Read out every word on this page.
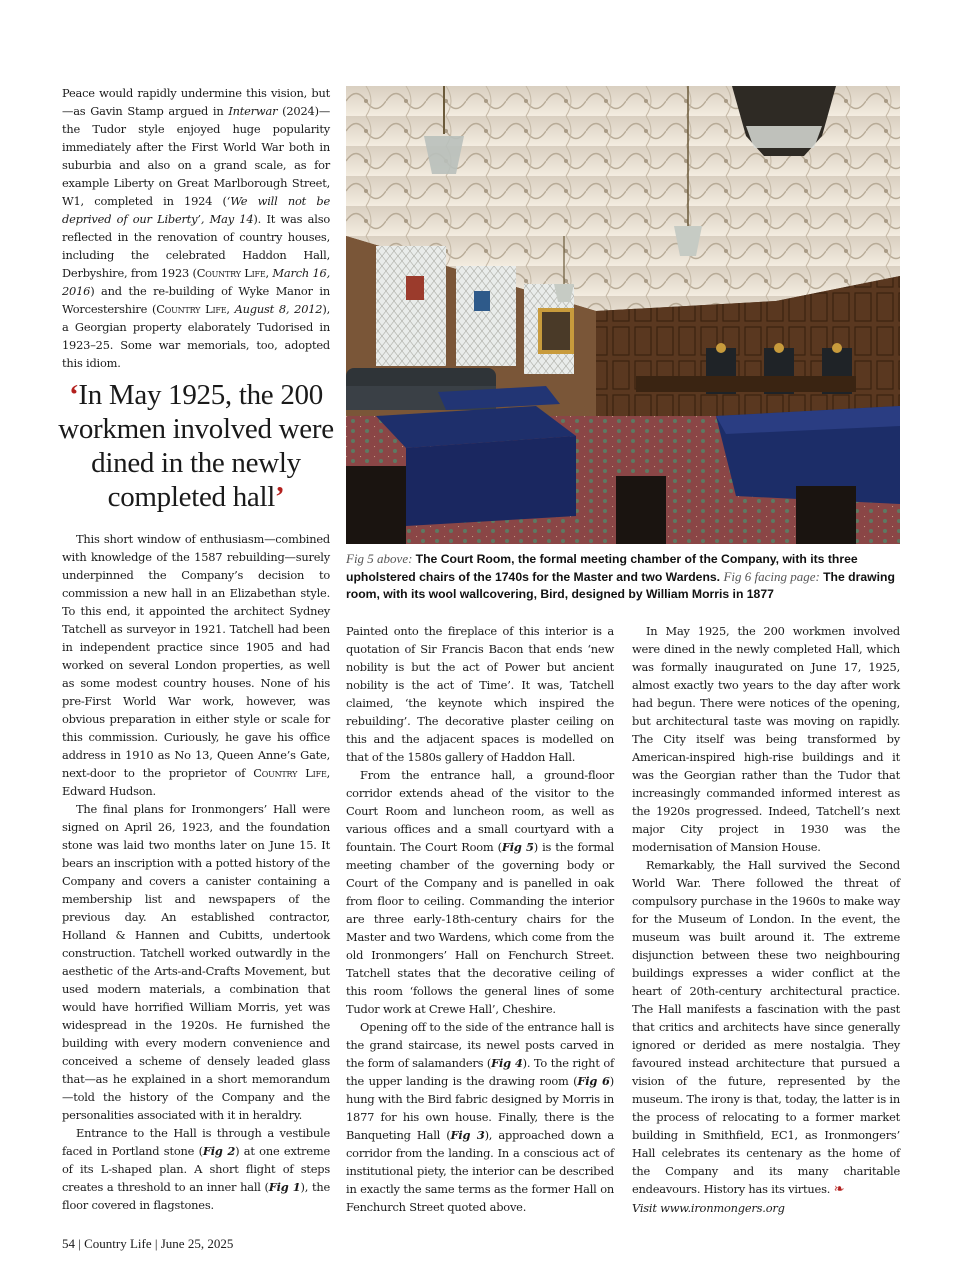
Peace would rapidly undermine this vision, but—as Gavin Stamp argued in Interwar (2024)—the Tudor style enjoyed huge popularity immediately after the First World War both in suburbia and also on a grand scale, as for example Liberty on Great Marlborough Street, W1, completed in 1924 (‘We will not be deprived of our Liberty’, May 14). It was also reflected in the renovation of country houses, including the celebrated Haddon Hall, Derbyshire, from 1923 (Country Life, March 16, 2016) and the re-building of Wyke Manor in Worcestershire (Country Life, August 8, 2012), a Georgian property elaborately Tudorised in 1923–25. Some war memorials, too, adopted this idiom.

‘In May 1925, the 200 workmen involved were dined in the newly completed hall’

This short window of enthusiasm—combined with knowledge of the 1587 rebuilding—surely underpinned the Company’s decision to commission a new hall in an Elizabethan style. To this end, it appointed the architect Sydney Tatchell as surveyor in 1921. Tatchell had been in independent practice since 1905 and had worked on several London properties, as well as some modest country houses. None of his pre-First World War work, however, was obvious preparation in either style or scale for this commission. Curiously, he gave his office address in 1910 as No 13, Queen Anne’s Gate, next-door to the proprietor of Country Life, Edward Hudson.

The final plans for Ironmongers’ Hall were signed on April 26, 1923, and the foundation stone was laid two months later on June 15. It bears an inscription with a potted history of the Company and covers a canister containing a membership list and newspapers of the previous day. An established contractor, Holland & Hannen and Cubitts, undertook construction. Tatchell worked outwardly in the aesthetic of the Arts-and-Crafts Movement, but used modern materials, a combination that would have horrified William Morris, yet was widespread in the 1920s. He furnished the building with every modern convenience and conceived a scheme of densely leaded glass that—as he explained in a short memorandum—told the history of the Company and the personalities associated with it in heraldry.

Entrance to the Hall is through a vestibule faced in Portland stone (Fig 2) at one extreme of its L-shaped plan. A short flight of steps creates a threshold to an inner hall (Fig 1), the floor covered in flagstones.

Fig 5 above: The Court Room, the formal meeting chamber of the Company, with its three upholstered chairs of the 1740s for the Master and two Wardens. Fig 6 facing page: The drawing room, with its wool wallcovering, Bird, designed by William Morris in 1877

Painted onto the fireplace of this interior is a quotation of Sir Francis Bacon that ends ‘new nobility is but the act of Power but ancient nobility is the act of Time’. It was, Tatchell claimed, ‘the keynote which inspired the rebuilding’. The decorative plaster ceiling on this and the adjacent spaces is modelled on that of the 1580s gallery of Haddon Hall.

From the entrance hall, a ground-floor corridor extends ahead of the visitor to the Court Room and luncheon room, as well as various offices and a small courtyard with a fountain. The Court Room (Fig 5) is the formal meeting chamber of the governing body or Court of the Company and is panelled in oak from floor to ceiling. Commanding the interior are three early-18th-century chairs for the Master and two Wardens, which come from the old Ironmongers’ Hall on Fenchurch Street. Tatchell states that the decorative ceiling of this room ‘follows the general lines of some Tudor work at Crewe Hall’, Cheshire.

Opening off to the side of the entrance hall is the grand staircase, its newel posts carved in the form of salamanders (Fig 4). To the right of the upper landing is the drawing room (Fig 6) hung with the Bird fabric designed by Morris in 1877 for his own house. Finally, there is the Banqueting Hall (Fig 3), approached down a corridor from the landing. In a conscious act of institutional piety, the interior can be described in exactly the same terms as the former Hall on Fenchurch Street quoted above.

In May 1925, the 200 workmen involved were dined in the newly completed Hall, which was formally inaugurated on June 17, 1925, almost exactly two years to the day after work had begun. There were notices of the opening, but architectural taste was moving on rapidly. The City itself was being transformed by American-inspired high-rise buildings and it was the Georgian rather than the Tudor that increasingly commanded informed interest as the 1920s progressed. Indeed, Tatchell’s next major City project in 1930 was the modernisation of Mansion House.

Remarkably, the Hall survived the Second World War. There followed the threat of compulsory purchase in the 1960s to make way for the Museum of London. In the event, the museum was built around it. The extreme disjunction between these two neighbouring buildings expresses a wider conflict at the heart of 20th-century architectural practice. The Hall manifests a fascination with the past that critics and architects have since generally ignored or derided as mere nostalgia. They favoured instead architecture that pursued a vision of the future, represented by the museum. The irony is that, today, the latter is in the process of relocating to a former market building in Smithfield, EC1, as Ironmongers’ Hall celebrates its centenary as the home of the Company and its many charitable endeavours. History has its virtues. ❧

Visit www.ironmongers.org

54 | Country Life | June 25, 2025
